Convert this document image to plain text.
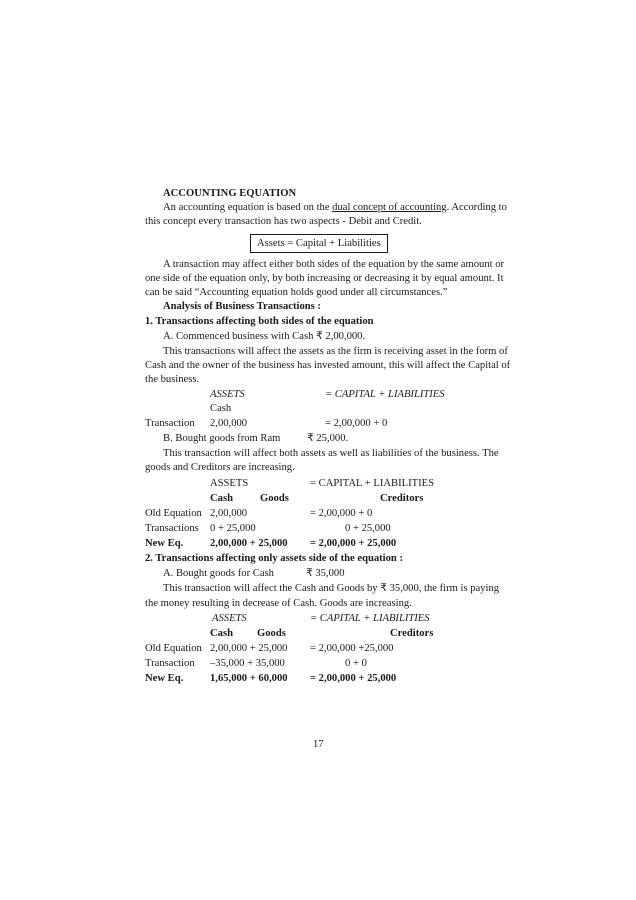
ACCOUNTING EQUATION
An accounting equation is based on the dual concept of accounting. According to
this concept every transaction has two aspects - Debit and Credit.
Assets = Capital + Liabilities
A transaction may affect either both sides of the equation by the same amount or
one side of the equation only, by both increasing or decreasing it by equal amount. It
can be said “Accounting equation holds good under all circumstances.”
Analysis of Business Transactions :
1. Transactions affecting both sides of the equation
A. Commenced business with Cash ₹ 2,00,000.
This transactions will affect the assets as the firm is receiving asset in the form of
Cash and the owner of the business has invested amount, this will affect the Capital of
the business.
ASSETS	= CAPITAL + LIABILITIES
Cash
Transaction 2,00,000	= 2,00,000 + 0
B. Bought goods from Ram	₹ 25,000.
This transaction will affect both assets as well as liabilities of the business. The
goods and Creditors are increasing.
ASSETS	= CAPITAL + LIABILITIES
Cash	Goods	Creditors
Old Equation 2,00,000	= 2,00,000 + 0
Transactions 0 + 25,000	0 + 25,000
New Eq.	2,00,000 + 25,000 = 2,00,000 + 25,000
2. Transactions affecting only assets side of the equation :
A. Bought goods for Cash	₹ 35,000
This transaction will affect the Cash and Goods by ₹ 35,000, the firm is paying
the money resulting in decrease of Cash. Goods are increasing.
ASSETS	= CAPITAL + LIABILITIES
Cash Goods	Creditors
Old Equation 2,00,000 + 25,000 = 2,00,000 +25,000
Transaction –35,000 + 35,000	0 + 0
New Eq.	1,65,000 + 60,000 = 2,00,000 + 25,000
17
